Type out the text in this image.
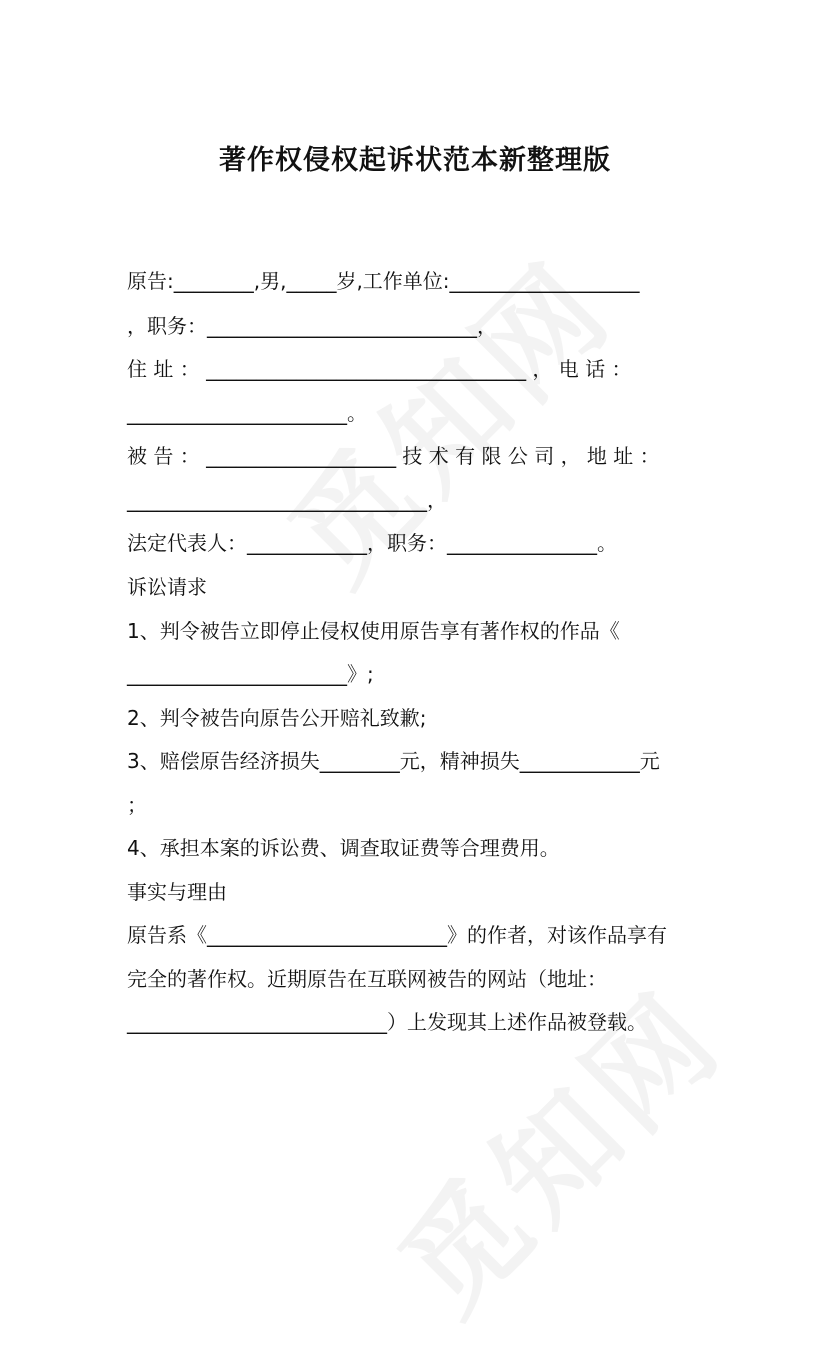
著作权侵权起诉状范本新整理版
原告:________,男,_____岁,工作单位:___________________
，职务：___________________________，
住 址 ： ________________________________ ， 电 话 ：
______________________。
被 告 ： ___________________ 技 术 有 限 公 司 ， 地 址 ：
______________________________，
法定代表人：____________，职务：_______________。
诉讼请求
1、判令被告立即停止侵权使用原告享有著作权的作品《
______________________》;
2、判令被告向原告公开赔礼致歉;
3、赔偿原告经济损失________元，精神损失____________元
；
4、承担本案的诉讼费、调查取证费等合理费用。
事实与理由
原告系《________________________》的作者，对该作品享有
完全的著作权。近期原告在互联网被告的网站（地址：
__________________________）上发现其上述作品被登载。
